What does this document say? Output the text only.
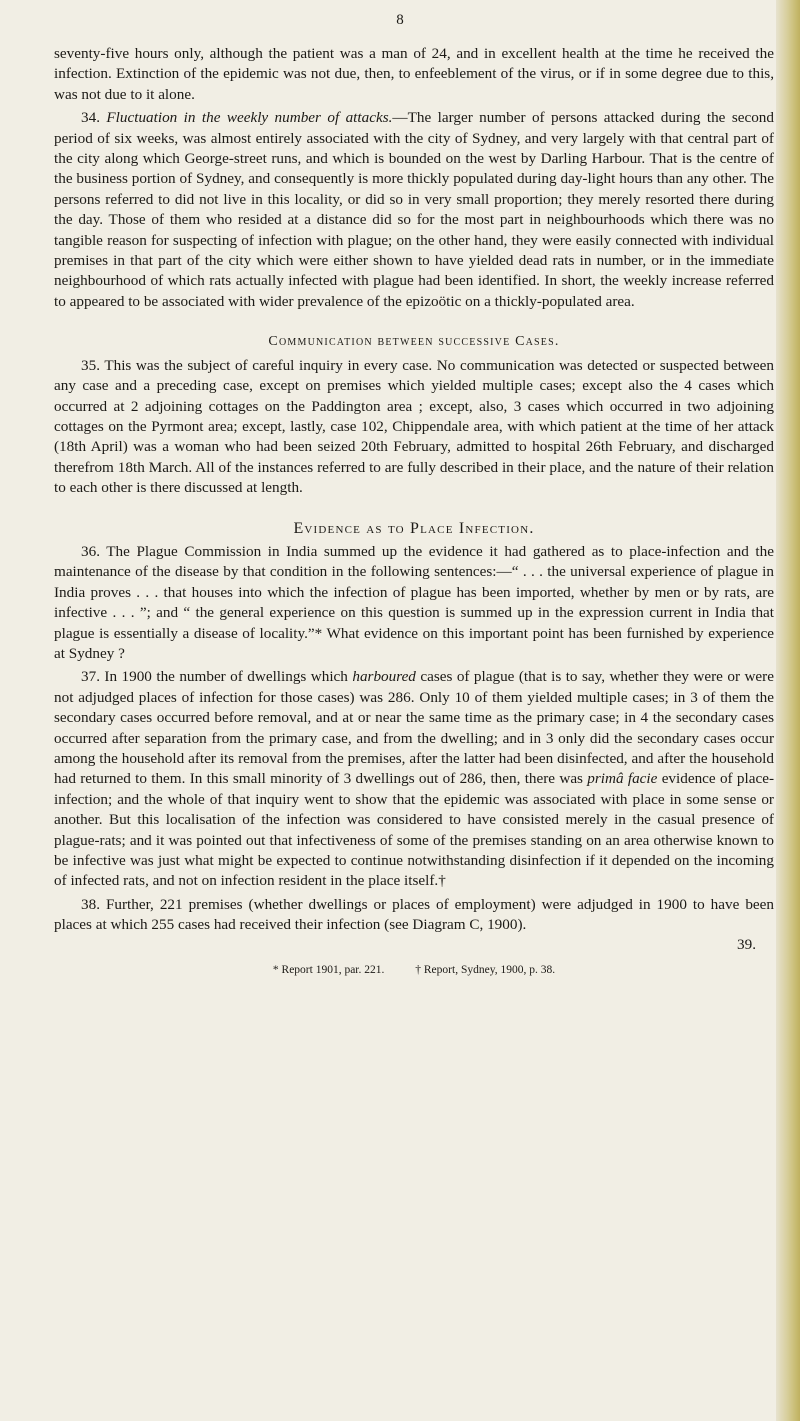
8

seventy-five hours only, although the patient was a man of 24, and in excellent health at the time he received the infection. Extinction of the epidemic was not due, then, to enfeeblement of the virus, or if in some degree due to this, was not due to it alone.

34. Fluctuation in the weekly number of attacks.—The larger number of persons attacked during the second period of six weeks, was almost entirely associated with the city of Sydney, and very largely with that central part of the city along which George-street runs, and which is bounded on the west by Darling Harbour. That is the centre of the business portion of Sydney, and consequently is more thickly populated during day-light hours than any other. The persons referred to did not live in this locality, or did so in very small proportion; they merely resorted there during the day. Those of them who resided at a distance did so for the most part in neighbourhoods which there was no tangible reason for suspecting of infection with plague; on the other hand, they were easily connected with individual premises in that part of the city which were either shown to have yielded dead rats in number, or in the immediate neighbourhood of which rats actually infected with plague had been identified. In short, the weekly increase referred to appeared to be associated with wider prevalence of the epizoötic on a thickly-populated area.

Communication between successive Cases.

35. This was the subject of careful inquiry in every case. No communication was detected or suspected between any case and a preceding case, except on premises which yielded multiple cases; except also the 4 cases which occurred at 2 adjoining cottages on the Paddington area ; except, also, 3 cases which occurred in two adjoining cottages on the Pyrmont area; except, lastly, case 102, Chippendale area, with which patient at the time of her attack (18th April) was a woman who had been seized 20th February, admitted to hospital 26th February, and discharged therefrom 18th March. All of the instances referred to are fully described in their place, and the nature of their relation to each other is there discussed at length.

Evidence as to Place Infection.

36. The Plague Commission in India summed up the evidence it had gathered as to place-infection and the maintenance of the disease by that condition in the following sentences:—“ . . . the universal experience of plague in India proves . . . that houses into which the infection of plague has been imported, whether by men or by rats, are infective . . . ”; and “ the general experience on this question is summed up in the expression current in India that plague is essentially a disease of locality.”* What evidence on this important point has been furnished by experience at Sydney ?

37. In 1900 the number of dwellings which harboured cases of plague (that is to say, whether they were or were not adjudged places of infection for those cases) was 286. Only 10 of them yielded multiple cases; in 3 of them the secondary cases occurred before removal, and at or near the same time as the primary case; in 4 the secondary cases occurred after separation from the primary case, and from the dwelling; and in 3 only did the secondary cases occur among the household after its removal from the premises, after the latter had been disinfected, and after the household had returned to them. In this small minority of 3 dwellings out of 286, then, there was primâ facie evidence of place-infection; and the whole of that inquiry went to show that the epidemic was associated with place in some sense or another. But this localisation of the infection was considered to have consisted merely in the casual presence of plague-rats; and it was pointed out that infectiveness of some of the premises standing on an area otherwise known to be infective was just what might be expected to continue notwithstanding disinfection if it depended on the incoming of infected rats, and not on infection resident in the place itself.†

38. Further, 221 premises (whether dwellings or places of employment) were adjudged in 1900 to have been places at which 255 cases had received their infection (see Diagram C, 1900).

39.
* Report 1901, par. 221.	† Report, Sydney, 1900, p. 38.
